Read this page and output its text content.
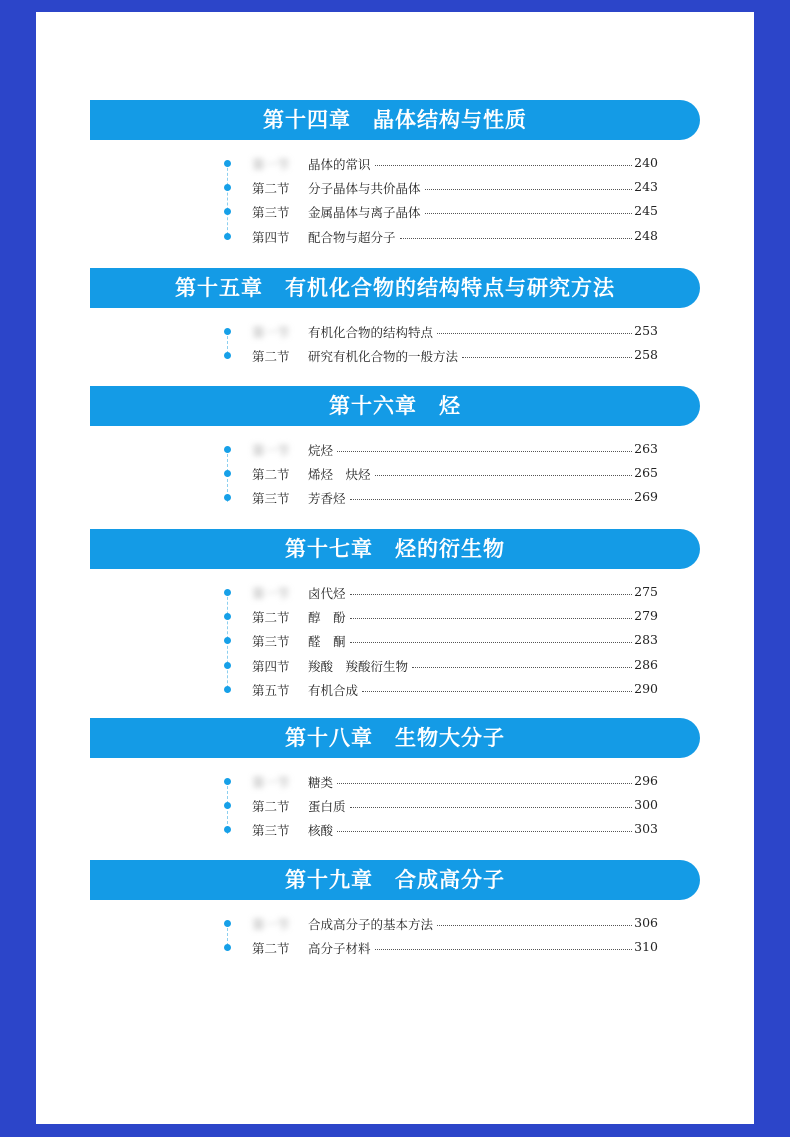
第十四章　晶体结构与性质
第一节 晶体的常识	240
第二节 分子晶体与共价晶体	243
第三节 金属晶体与离子晶体	245
第四节 配合物与超分子	248
第十五章　有机化合物的结构特点与研究方法
第一节 有机化合物的结构特点	253
第二节 研究有机化合物的一般方法	258
第十六章　烃
第一节 烷烃	263
第二节 烯烃　炔烃	265
第三节 芳香烃	269
第十七章　烃的衍生物
第一节 卤代烃	275
第二节 醇　酚	279
第三节 醛　酮	283
第四节 羧酸　羧酸衍生物	286
第五节 有机合成	290
第十八章　生物大分子
第一节 糖类	296
第二节 蛋白质	300
第三节 核酸	303
第十九章　合成高分子
第一节 合成高分子的基本方法	306
第二节 高分子材料	310
